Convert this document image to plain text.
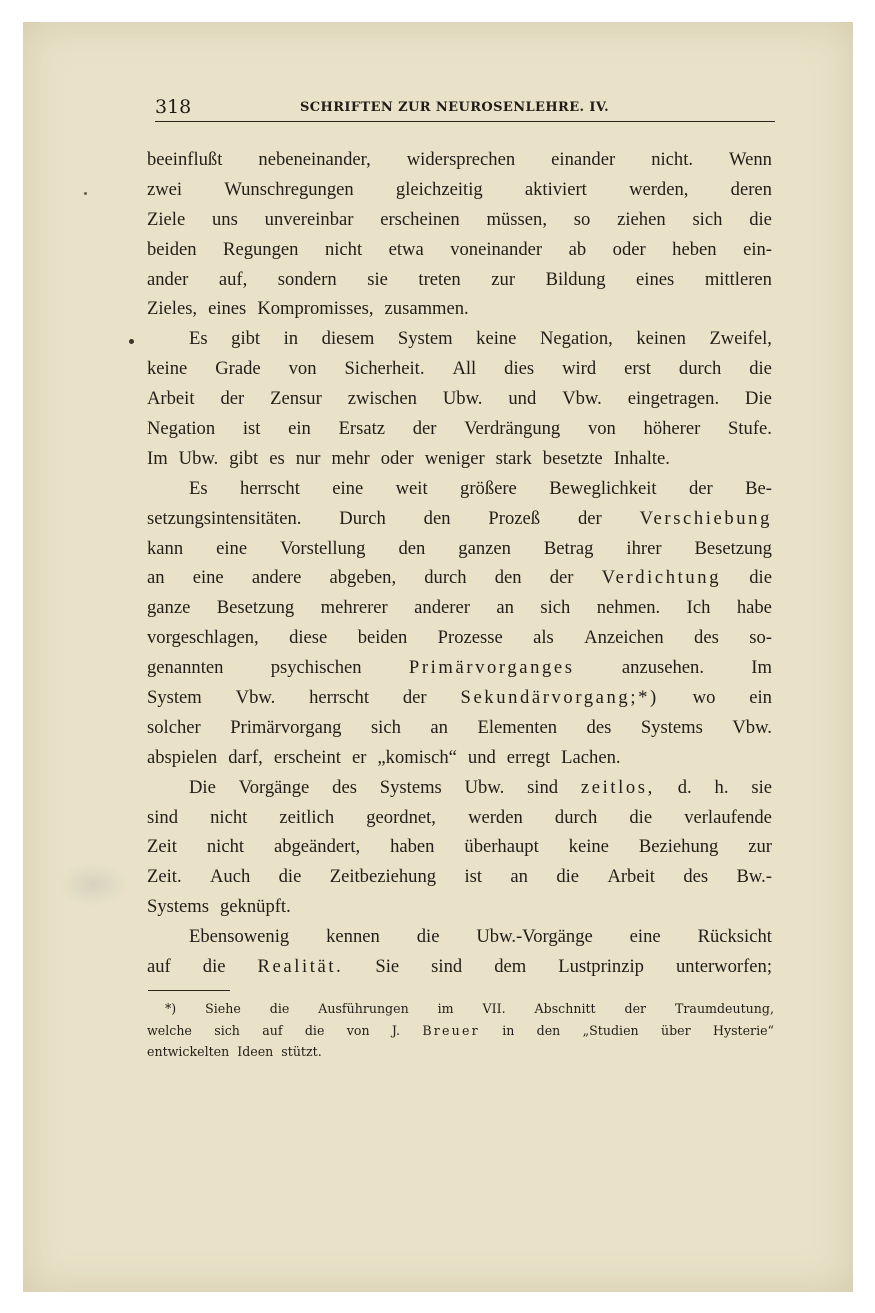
318	SCHRIFTEN ZUR NEUROSENLEHRE. IV.
beeinflußt nebeneinander, widersprechen einander nicht. Wenn
zwei Wunschregungen gleichzeitig aktiviert werden, deren
Ziele uns unvereinbar erscheinen müssen, so ziehen sich die
beiden Regungen nicht etwa voneinander ab oder heben ein-
ander auf, sondern sie treten zur Bildung eines mittleren
Zieles, eines Kompromisses, zusammen.
Es gibt in diesem System keine Negation, keinen Zweifel,
keine Grade von Sicherheit. All dies wird erst durch die
Arbeit der Zensur zwischen Ubw. und Vbw. eingetragen. Die
Negation ist ein Ersatz der Verdrängung von höherer Stufe.
Im Ubw. gibt es nur mehr oder weniger stark besetzte Inhalte.
Es herrscht eine weit größere Beweglichkeit der Be-
setzungsintensitäten. Durch den Prozeß der Verschiebung
kann eine Vorstellung den ganzen Betrag ihrer Besetzung
an eine andere abgeben, durch den der Verdichtung die
ganze Besetzung mehrerer anderer an sich nehmen. Ich habe
vorgeschlagen, diese beiden Prozesse als Anzeichen des so-
genannten	psychischen	Primärvorganges	anzusehen.	Im
System Vbw. herrscht der Sekundärvorgang;*) wo ein
solcher Primärvorgang sich an Elementen des Systems Vbw.
abspielen darf, erscheint er „komisch“ und erregt Lachen.
Die Vorgänge des Systems Ubw. sind zeitlos, d. h. sie
sind nicht zeitlich geordnet, werden durch die verlaufende
Zeit nicht abgeändert, haben überhaupt keine Beziehung zur
Zeit. Auch die Zeitbeziehung ist an die Arbeit des Bw.-
Systems geknüpft.
Ebensowenig kennen die Ubw.-Vorgänge eine Rücksicht
auf die Realität. Sie sind dem Lustprinzip unterworfen;
*) Siehe die Ausführungen im VII. Abschnitt der Traumdeutung,
welche sich auf die von J. Breuer in den „Studien über Hysterie“
entwickelten Ideen stützt.
